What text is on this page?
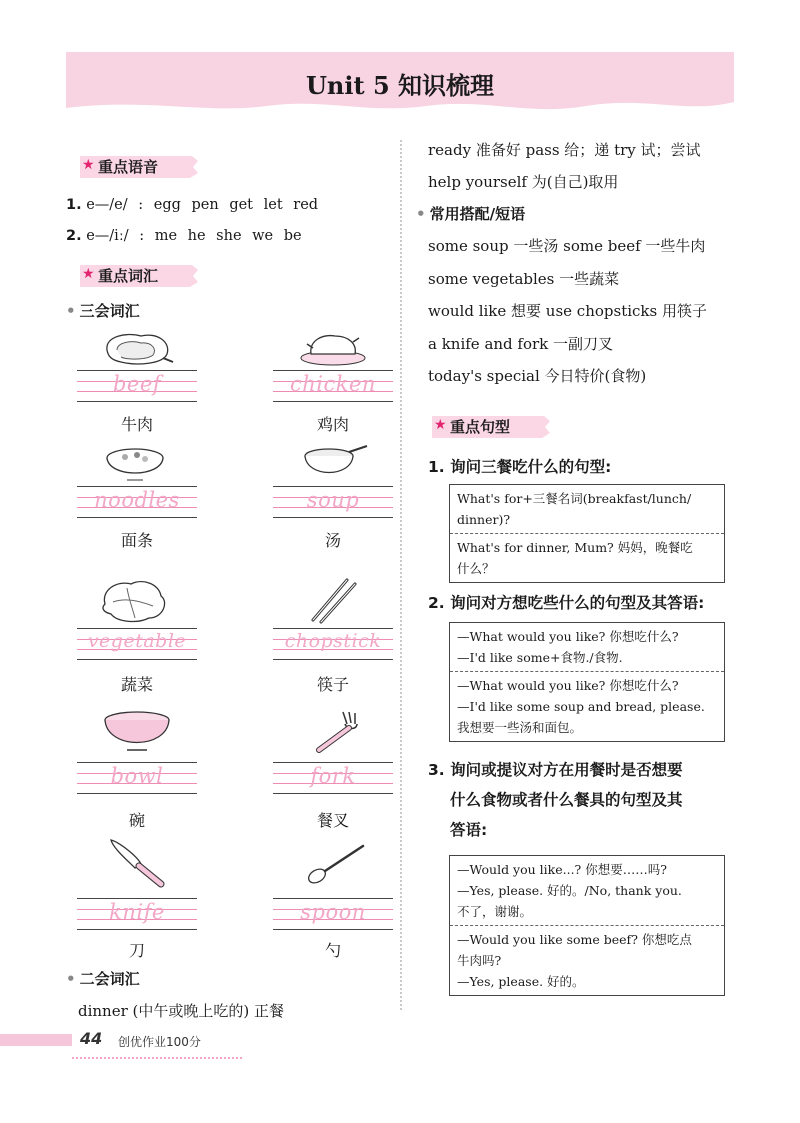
Unit 5 知识梳理
★ 重点语音
1. e—/e/ : egg pen get let red
2. e—/iː/ : me he she we be
★ 重点词汇
• 三会词汇
beef
牛肉
chicken
鸡肉
noodles
面条
soup
汤
vegetable
蔬菜
chopstick
筷子
bowl
碗
fork
餐叉
knife
刀
spoon
勺
• 二会词汇
dinner (中午或晚上吃的) 正餐
ready 准备好 pass 给；递 try 试；尝试
help yourself 为(自己)取用
• 常用搭配/短语
some soup 一些汤 some beef 一些牛肉
some vegetables 一些蔬菜
would like 想要 use chopsticks 用筷子
a knife and fork 一副刀叉
today's special 今日特价(食物)
★ 重点句型
1. 询问三餐吃什么的句型:
What's for+三餐名词(breakfast/lunch/
dinner)?
What's for dinner, Mum? 妈妈，晚餐吃
什么？
2. 询问对方想吃些什么的句型及其答语:
—What would you like? 你想吃什么?
—I'd like some+食物./食物.
—What would you like? 你想吃什么?
—I'd like some soup and bread, please.
我想要一些汤和面包。
3. 询问或提议对方在用餐时是否想要
什么食物或者什么餐具的句型及其
答语:
—Would you like...? 你想要……吗?
—Yes, please. 好的。/No, thank you.
不了，谢谢。
—Would you like some beef? 你想吃点
牛肉吗?
—Yes, please. 好的。
44 创优作业100分
